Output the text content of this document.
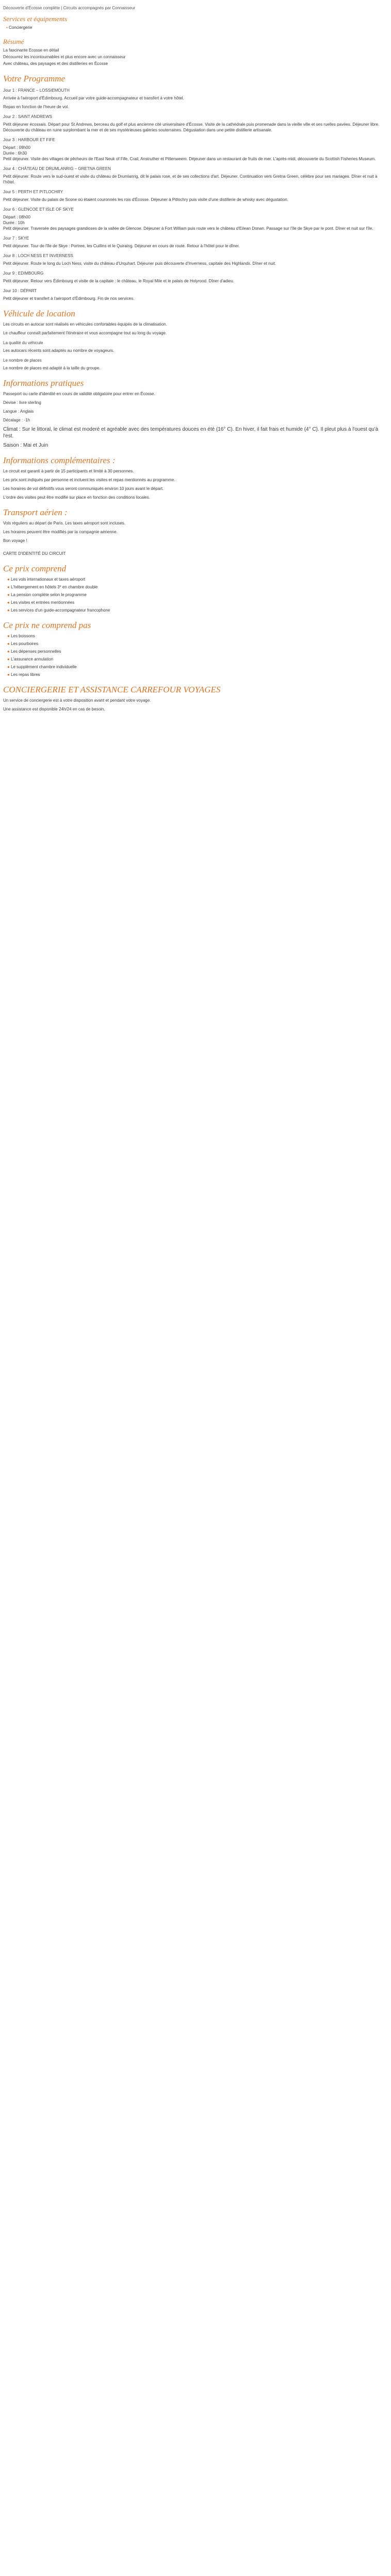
Découverte d'Écosse complète | Circuits accompagnés par Connaisseur
Services et équipements
• Conciergerie
Résumé

La fascinante Ecosse en détail

Découvrez les incontournables et plus encore avec un connaisseur

Avec château, des paysages et des distilleries en Écosse

Votre Programme
Jour 1 : FRANCE – LOSSIEMOUTH

Arrivée à l'aéroport d'Édimbourg. Accueil par votre guide-accompagnateur et transfert à votre hôtel.

Repas en fonction de l'heure de vol.

Jour 2 : SAINT ANDREWS

Petit déjeuner écossais. Départ pour St Andrews, berceau du golf et plus ancienne cité universitaire d'Écosse. Visite de la cathédrale puis promenade dans la vieille ville et ses ruelles pavées. Déjeuner libre. Découverte du château en ruine surplombant la mer et de ses mystérieuses galeries souterraines. Dégustation dans une petite distillerie artisanale.

Jour 3 : HARBOUR ET FIFE

Départ : 09h00

Durée : 6h30

Petit déjeuner. Visite des villages de pêcheurs de l'East Neuk of Fife, Crail, Anstruther et Pittenweem. Déjeuner dans un restaurant de fruits de mer. L'après-midi, découverte du Scottish Fisheries Museum.

Jour 4 : CHÂTEAU DE DRUMLANRIG – GRETNA GREEN

Petit déjeuner. Route vers le sud-ouest et visite du château de Drumlanrig, dit le palais rose, et de ses collections d'art. Déjeuner. Continuation vers Gretna Green, célèbre pour ses mariages. Dîner et nuit à l'hôtel.

Jour 5 : PERTH ET PITLOCHRY

Petit déjeuner. Visite du palais de Scone où étaient couronnés les rois d'Écosse. Déjeuner à Pitlochry puis visite d'une distillerie de whisky avec dégustation.

Jour 6 : GLENCOE ET ISLE OF SKYE

Départ : 08h00

Durée : 10h

Petit déjeuner. Traversée des paysages grandioses de la vallée de Glencoe. Déjeuner à Fort William puis route vers le château d'Eilean Donan. Passage sur l'île de Skye par le pont. Dîner et nuit sur l'île.

Jour 7 : SKYE

Petit déjeuner. Tour de l'île de Skye : Portree, les Cuillins et le Quiraing. Déjeuner en cours de route. Retour à l'hôtel pour le dîner.

Jour 8 : LOCH NESS ET INVERNESS

Petit déjeuner. Route le long du Loch Ness, visite du château d'Urquhart. Déjeuner puis découverte d'Inverness, capitale des Highlands. Dîner et nuit.

Jour 9 : EDIMBOURG

Petit déjeuner. Retour vers Édimbourg et visite de la capitale : le château, le Royal Mile et le palais de Holyrood. Dîner d'adieu.

Jour 10 : DÉPART

Petit déjeuner et transfert à l'aéroport d'Édimbourg. Fin de nos services.

Véhicule de location

Les circuits en autocar sont réalisés en véhicules confortables équipés de la climatisation.

Le chauffeur connaît parfaitement l'itinéraire et vous accompagne tout au long du voyage.

La qualité du véhicule

Les autocars récents sont adaptés au nombre de voyageurs.

Le nombre de places

Le nombre de places est adapté à la taille du groupe.

Informations pratiques

Passeport ou carte d'identité en cours de validité obligatoire pour entrer en Écosse.

Devise : livre sterling

Langue : Anglais

Décalage : -1h

Climat : Sur le littoral, le climat est moderé et agréable avec des températures douces en été (16° C). En hiver, il fait frais et humide (4° C). Il pleut plus à l'ouest qu'à l'est.

Saison : Mai et Juin

Informations complémentaires :

Le circuit est garanti à partir de 15 participants et limité à 30 personnes.

Les prix sont indiqués par personne et incluent les visites et repas mentionnés au programme.

Les horaires de vol définitifs vous seront communiqués environ 10 jours avant le départ.

L'ordre des visites peut être modifié sur place en fonction des conditions locales.

Transport aérien :

Vols réguliers au départ de Paris. Les taxes aéroport sont incluses.

Les horaires peuvent être modifiés par la compagnie aérienne.

Bon voyage !

CARTE D'IDENTITÉ DU CIRCUIT

Ce prix comprend
● Les vols internationaux et taxes aéroport
● L'hébergement en hôtels 3* en chambre double
● La pension complète selon le programme
● Les visites et entrées mentionnées
● Les services d'un guide-accompagnateur francophone
Ce prix ne comprend pas
● Les boissons
● Les pourboires
● Les dépenses personnelles
● L'assurance annulation
● Le supplément chambre individuelle
● Les repas libres
CONCIERGERIE ET ASSISTANCE CARREFOUR VOYAGES

Un service de conciergerie est à votre disposition avant et pendant votre voyage.

Une assistance est disponible 24h/24 en cas de besoin.
